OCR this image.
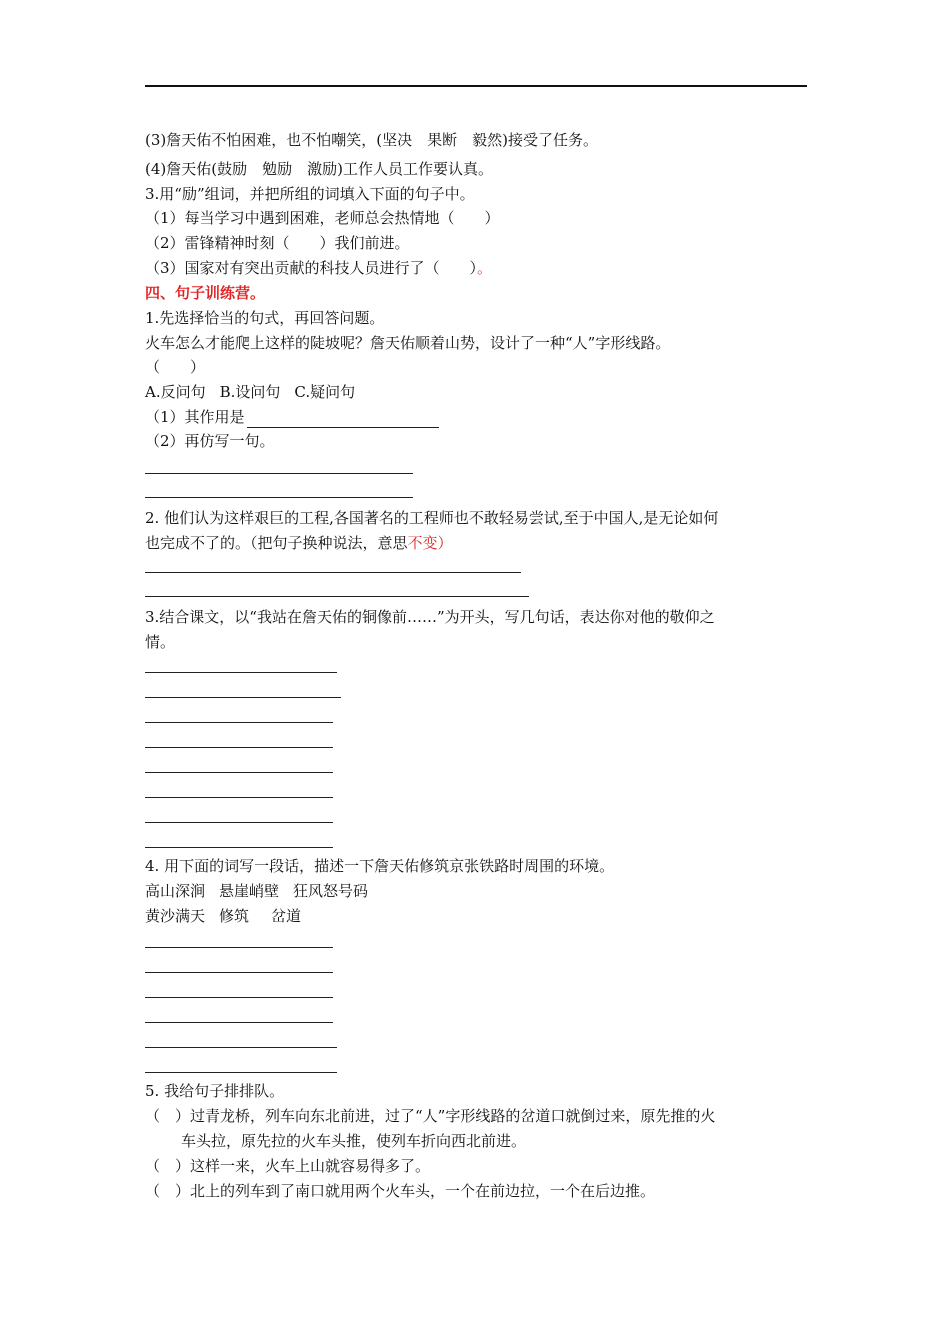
(3)詹天佑不怕困难，也不怕嘲笑，(坚决　果断　毅然)接受了任务。
(4)詹天佑(鼓励　勉励　激励)工作人员工作要认真。
3.用“励”组词，并把所组的词填入下面的句子中。
（1）每当学习中遇到困难，老师总会热情地（　　）
（2）雷锋精神时刻（　　）我们前进。
（3）国家对有突出贡献的科技人员进行了（　　）。
四、句子训练营。
1.先选择恰当的句式，再回答问题。
火车怎么才能爬上这样的陡坡呢？詹天佑顺着山势，设计了一种“人”字形线路。
（　　）
A.反问句 B.设问句 C.疑问句
（1）其作用是
（2）再仿写一句。
2. 他们认为这样艰巨的工程,各国著名的工程师也不敢轻易尝试,至于中国人,是无论如何
也完成不了的。（把句子换种说法，意思不变）
3.结合课文，以“我站在詹天佑的铜像前……”为开头，写几句话，表达你对他的敬仰之
情。
4. 用下面的词写一段话，描述一下詹天佑修筑京张铁路时周围的环境。
高山深涧 悬崖峭壁 狂风怒号码
黄沙满天 修筑 岔道
5. 我给句子排排队。
（　）过青龙桥，列车向东北前进，过了“人”字形线路的岔道口就倒过来，原先推的火
车头拉，原先拉的火车头推，使列车折向西北前进。
（　）这样一来，火车上山就容易得多了。
（　）北上的列车到了南口就用两个火车头，一个在前边拉，一个在后边推。
